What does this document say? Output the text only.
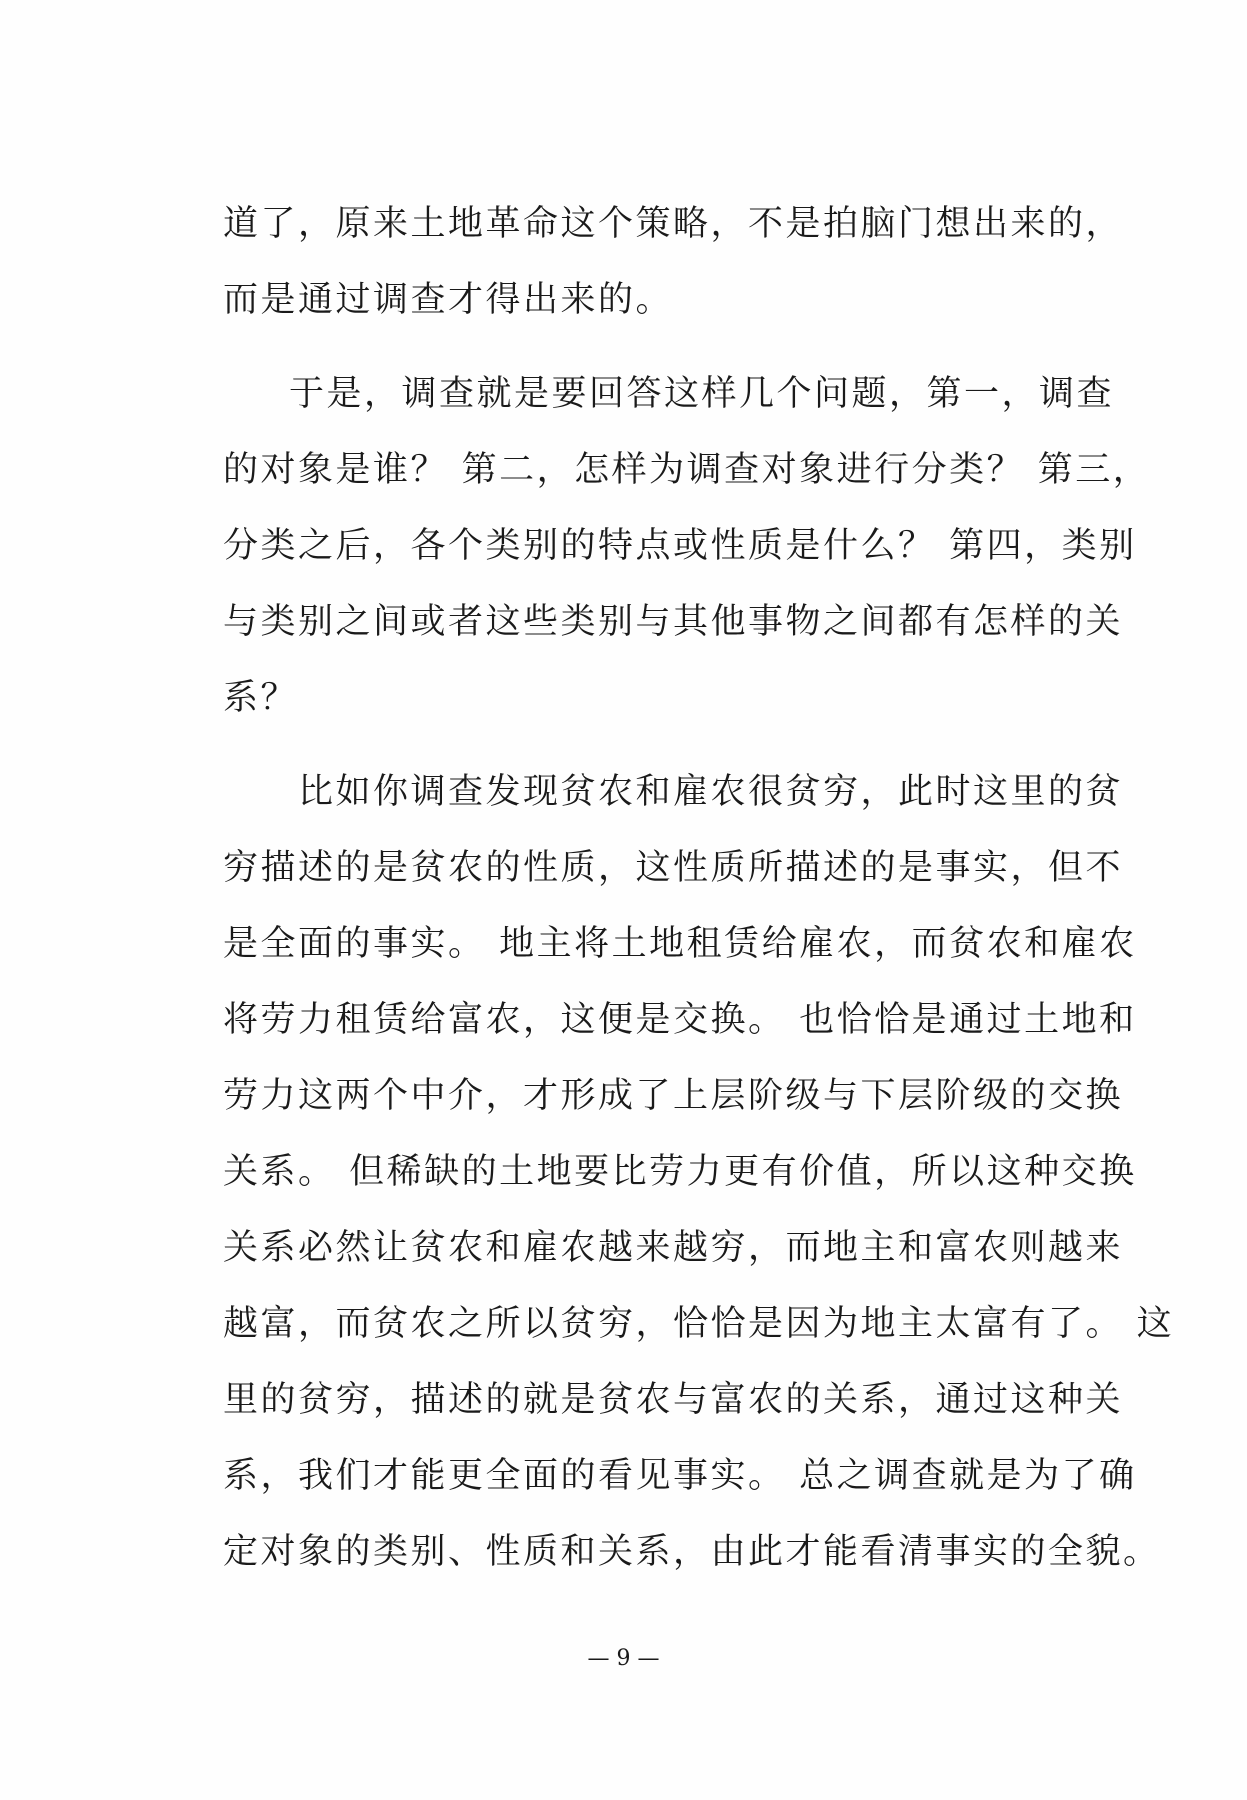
道了，原来土地革命这个策略，不是拍脑门想出来的，
而是通过调查才得出来的。
于是，调查就是要回答这样几个问题，第一，调查
的对象是谁？ 第二，怎样为调查对象进行分类？ 第三，
分类之后，各个类别的特点或性质是什么？ 第四，类别
与类别之间或者这些类别与其他事物之间都有怎样的关
系？
比如你调查发现贫农和雇农很贫穷，此时这里的贫
穷描述的是贫农的性质，这性质所描述的是事实，但不
是全面的事实。 地主将土地租赁给雇农，而贫农和雇农
将劳力租赁给富农，这便是交换。 也恰恰是通过土地和
劳力这两个中介，才形成了上层阶级与下层阶级的交换
关系。 但稀缺的土地要比劳力更有价值，所以这种交换
关系必然让贫农和雇农越来越穷，而地主和富农则越来
越富，而贫农之所以贫穷，恰恰是因为地主太富有了。 这
里的贫穷，描述的就是贫农与富农的关系，通过这种关
系，我们才能更全面的看见事实。 总之调查就是为了确
定对象的类别、性质和关系，由此才能看清事实的全貌。
— 9 —
